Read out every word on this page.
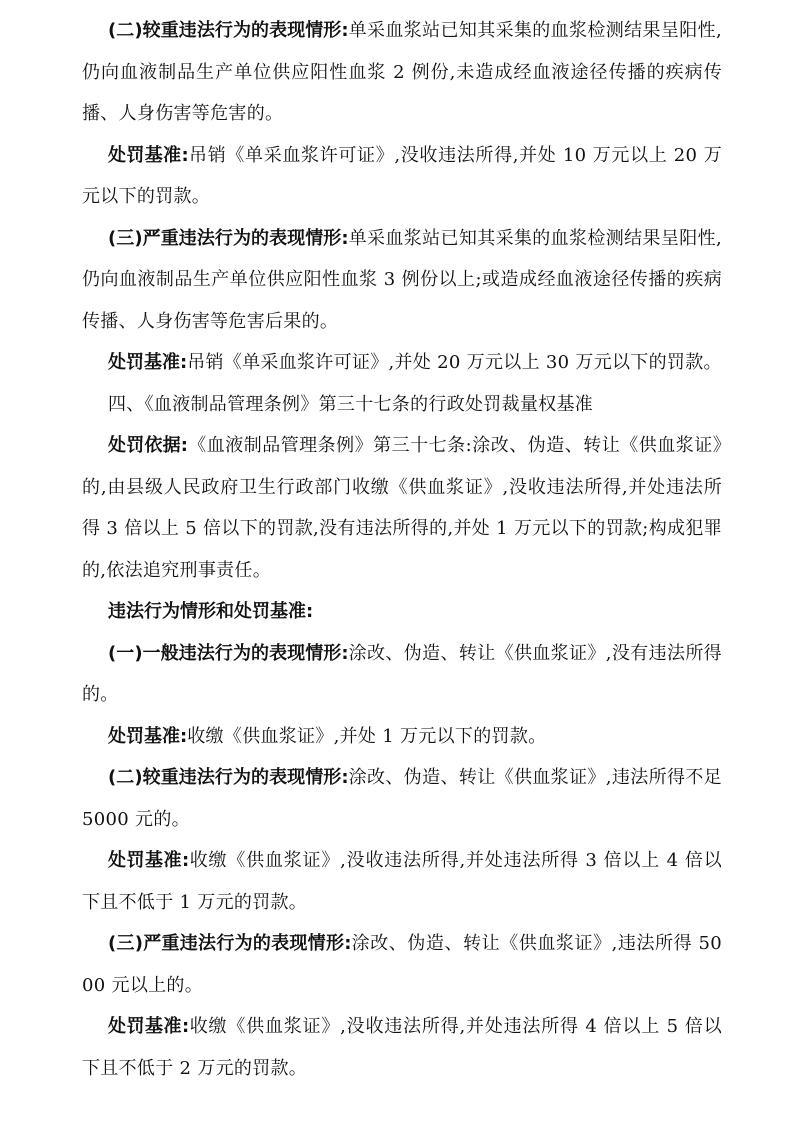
(二)较重违法行为的表现情形:单采血浆站已知其采集的血浆检测结果呈阳性,仍向血液制品生产单位供应阳性血浆 2 例份,未造成经血液途径传播的疾病传播、人身伤害等危害的。

处罚基准:吊销《单采血浆许可证》,没收违法所得,并处 10 万元以上 20 万元以下的罚款。

(三)严重违法行为的表现情形:单采血浆站已知其采集的血浆检测结果呈阳性,仍向血液制品生产单位供应阳性血浆 3 例份以上;或造成经血液途径传播的疾病传播、人身伤害等危害后果的。

处罚基准:吊销《单采血浆许可证》,并处 20 万元以上 30 万元以下的罚款。

四、《血液制品管理条例》第三十七条的行政处罚裁量权基准

处罚依据:《血液制品管理条例》第三十七条:涂改、伪造、转让《供血浆证》的,由县级人民政府卫生行政部门收缴《供血浆证》,没收违法所得,并处违法所得 3 倍以上 5 倍以下的罚款,没有违法所得的,并处 1 万元以下的罚款;构成犯罪的,依法追究刑事责任。

违法行为情形和处罚基准:

(一)一般违法行为的表现情形:涂改、伪造、转让《供血浆证》,没有违法所得的。

处罚基准:收缴《供血浆证》,并处 1 万元以下的罚款。

(二)较重违法行为的表现情形:涂改、伪造、转让《供血浆证》,违法所得不足 5000 元的。

处罚基准:收缴《供血浆证》,没收违法所得,并处违法所得 3 倍以上 4 倍以下且不低于 1 万元的罚款。

(三)严重违法行为的表现情形:涂改、伪造、转让《供血浆证》,违法所得 5000 元以上的。

处罚基准:收缴《供血浆证》,没收违法所得,并处违法所得 4 倍以上 5 倍以下且不低于 2 万元的罚款。
